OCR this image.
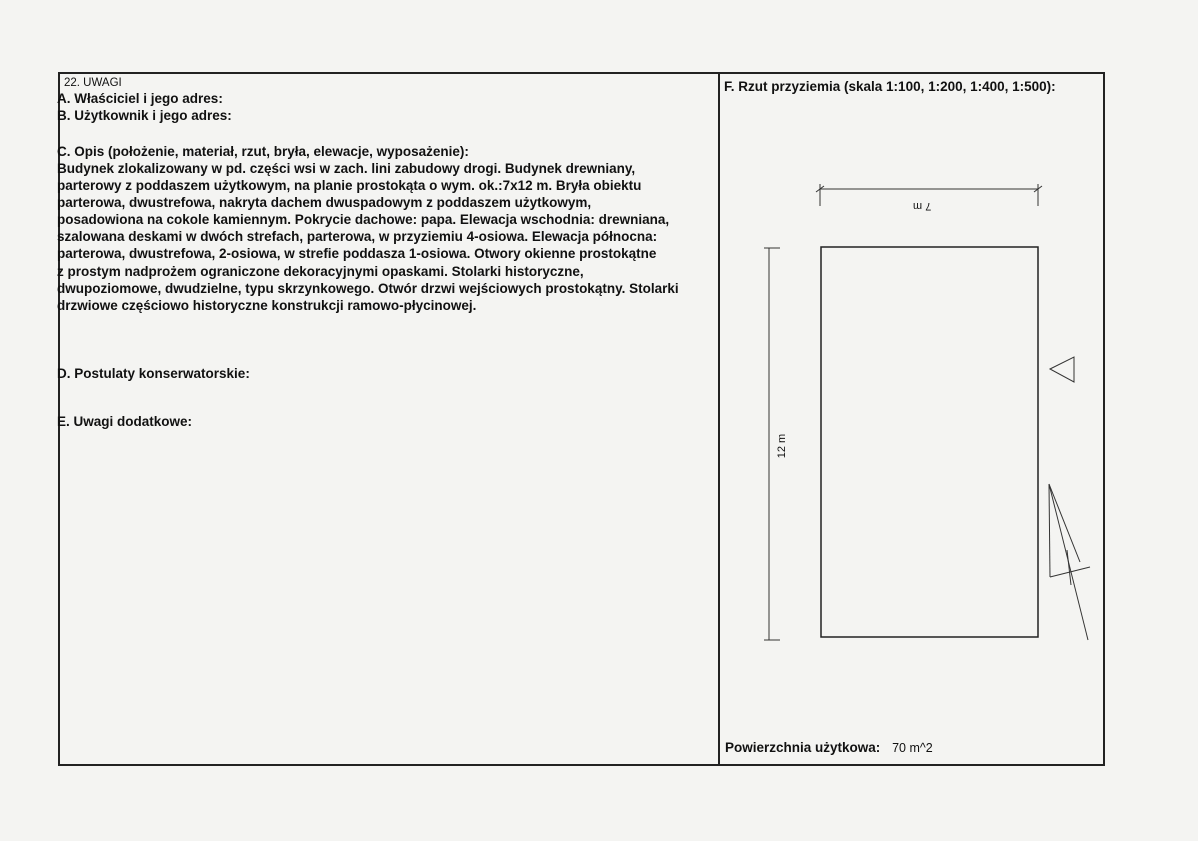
22. UWAGI
A. Właściciel i jego adres:
B. Użytkownik i jego adres:
C. Opis (położenie, materiał, rzut, bryła, elewacje, wyposażenie):

Budynek zlokalizowany w pd. części wsi w zach. lini zabudowy drogi. Budynek drewniany,

parterowy z poddaszem użytkowym, na planie prostokąta o wym. ok.:7x12 m. Bryła obiektu

parterowa, dwustrefowa, nakryta dachem dwuspadowym z poddaszem użytkowym,

posadowiona na cokole kamiennym. Pokrycie dachowe: papa. Elewacja wschodnia: drewniana,

szalowana deskami w dwóch strefach, parterowa, w przyziemiu 4-osiowa. Elewacja północna:

parterowa, dwustrefowa, 2-osiowa, w strefie poddasza 1-osiowa. Otwory okienne prostokątne

z prostym nadprożem ograniczone dekoracyjnymi opaskami. Stolarki historyczne,

dwupoziomowe, dwudzielne, typu skrzynkowego. Otwór drzwi wejściowych prostokątny. Stolarki

drzwiowe częściowo historyczne konstrukcji ramowo-płycinowej.

D. Postulaty konserwatorskie:
E. Uwagi dodatkowe:
F. Rzut przyziemia (skala 1:100, 1:200, 1:400, 1:500):
7 m
12 m
Powierzchnia użytkowa: 70 m^2
